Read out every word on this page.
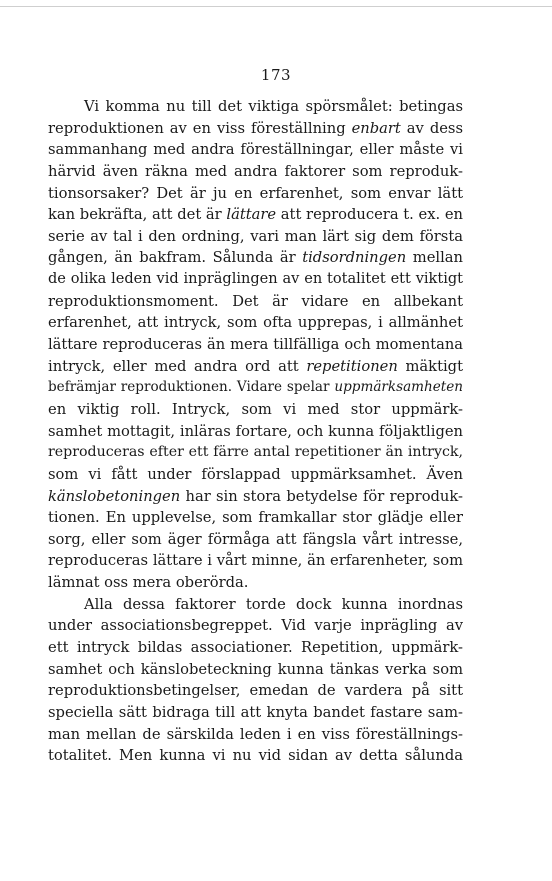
173
Vi komma nu till det viktiga spörsmålet: betingas
reproduktionen av en viss föreställning enbart av dess
sammanhang med andra föreställningar, eller måste vi
härvid även räkna med andra faktorer som reproduk-
tionsorsaker? Det är ju en erfarenhet, som envar lätt
kan bekräfta, att det är lättare att reproducera t. ex. en
serie av tal i den ordning, vari man lärt sig dem första
gången, än bakfram. Sålunda är tidsordningen mellan
de olika leden vid inpräglingen av en totalitet ett viktigt
reproduktionsmoment. Det är vidare en allbekant
erfarenhet, att intryck, som ofta upprepas, i allmänhet
lättare reproduceras än mera tillfälliga och momentana
intryck, eller med andra ord att repetitionen mäktigt
befrämjar reproduktionen. Vidare spelar uppmärksamheten
en viktig roll. Intryck, som vi med stor uppmärk-
samhet mottagit, inläras fortare, och kunna följaktligen
reproduceras efter ett färre antal repetitioner än intryck,
som vi fått under förslappad uppmärksamhet. Även
känslobetoningen har sin stora betydelse för reproduk-
tionen. En upplevelse, som framkallar stor glädje eller
sorg, eller som äger förmåga att fängsla vårt intresse,
reproduceras lättare i vårt minne, än erfarenheter, som
lämnat oss mera oberörda.
Alla dessa faktorer torde dock kunna inordnas
under associationsbegreppet. Vid varje inprägling av
ett intryck bildas associationer. Repetition, uppmärk-
samhet och känslobeteckning kunna tänkas verka som
reproduktionsbetingelser, emedan de vardera på sitt
speciella sätt bidraga till att knyta bandet fastare sam-
man mellan de särskilda leden i en viss föreställnings-
totalitet. Men kunna vi nu vid sidan av detta sålunda
